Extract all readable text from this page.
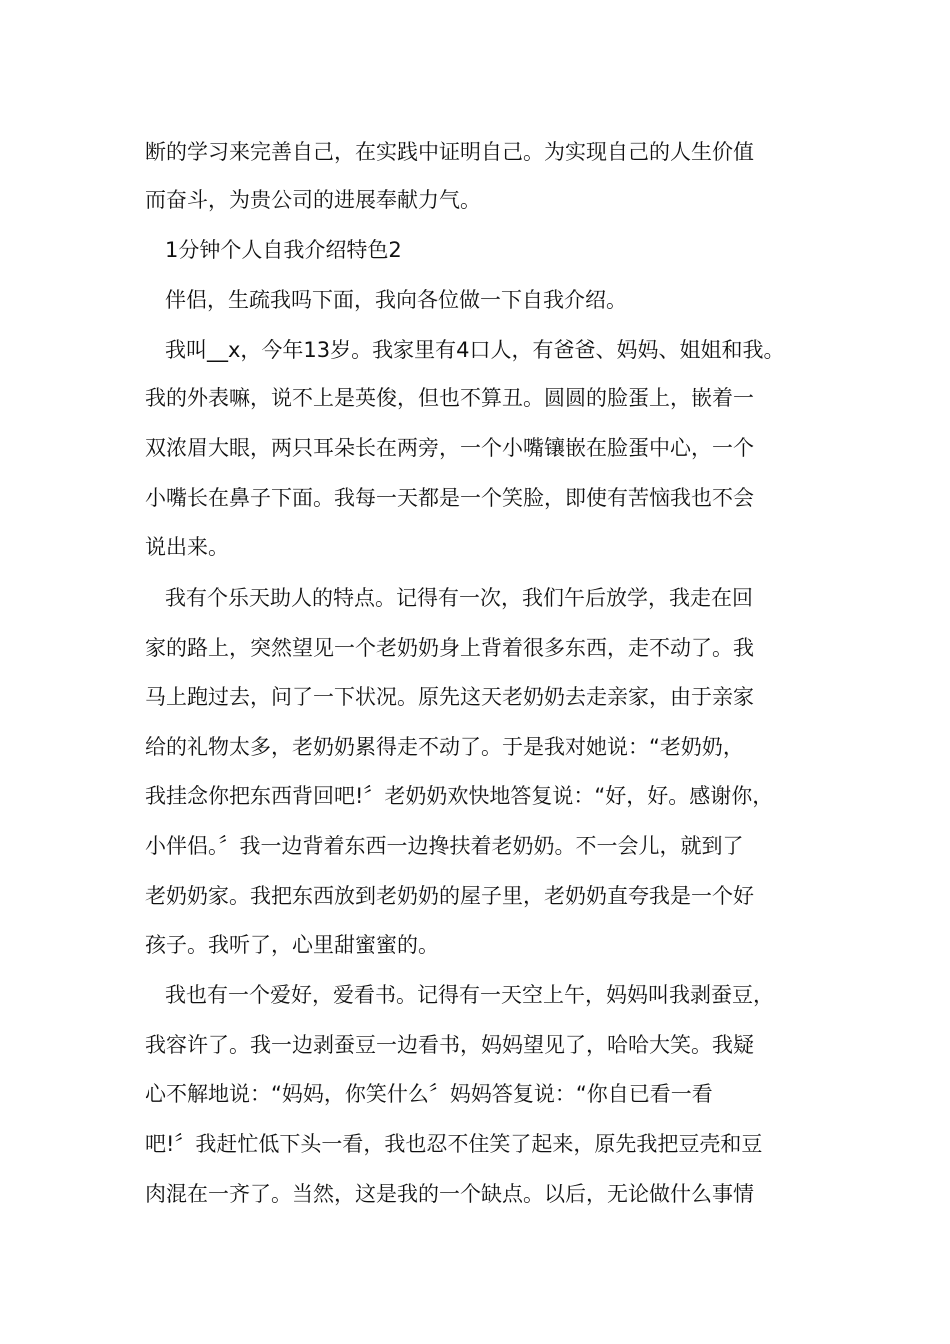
断的学习来完善自己，在实践中证明自己。为实现自己的人生价值
而奋斗，为贵公司的进展奉献力气。
1分钟个人自我介绍特色2
伴侣，生疏我吗下面，我向各位做一下自我介绍。
我叫__x，今年13岁。我家里有4口人，有爸爸、妈妈、姐姐和我。
我的外表嘛，说不上是英俊，但也不算丑。圆圆的脸蛋上，嵌着一
双浓眉大眼，两只耳朵长在两旁，一个小嘴镶嵌在脸蛋中心，一个
小嘴长在鼻子下面。我每一天都是一个笑脸，即使有苦恼我也不会
说出来。
我有个乐天助人的特点。记得有一次，我们午后放学，我走在回
家的路上，突然望见一个老奶奶身上背着很多东西，走不动了。我
马上跑过去，问了一下状况。原先这天老奶奶去走亲家，由于亲家
给的礼物太多，老奶奶累得走不动了。于是我对她说：“老奶奶，
我挂念你把东西背回吧!〞老奶奶欢快地答复说：“好，好。感谢你，
小伴侣。〞我一边背着东西一边搀扶着老奶奶。不一会儿，就到了
老奶奶家。我把东西放到老奶奶的屋子里，老奶奶直夸我是一个好
孩子。我听了，心里甜蜜蜜的。
我也有一个爱好，爱看书。记得有一天空上午，妈妈叫我剥蚕豆，
我容许了。我一边剥蚕豆一边看书，妈妈望见了，哈哈大笑。我疑
心不解地说：“妈妈，你笑什么〞妈妈答复说：“你自已看一看
吧!〞我赶忙低下头一看，我也忍不住笑了起来，原先我把豆壳和豆
肉混在一齐了。当然，这是我的一个缺点。以后，无论做什么事情
